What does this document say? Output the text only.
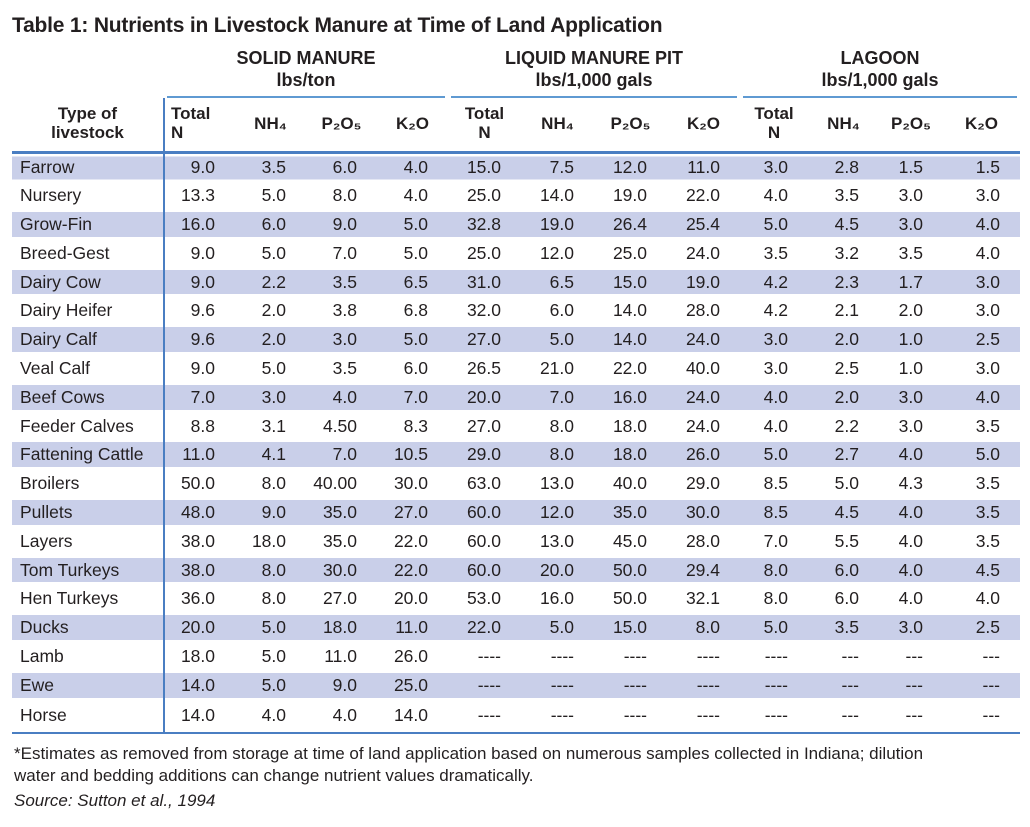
Table 1: Nutrients in Livestock Manure at Time of Land Application

SOLID MANURE
lbs/ton

LIQUID MANURE PIT
lbs/1,000 gals

LAGOON
lbs/1,000 gals

Type of livestock	Total N	NH₄	P₂O₅	K₂O	Total N	NH₄	P₂O₅	K₂O	Total N	NH₄	P₂O₅	K₂O
Farrow	9.0	3.5	6.0	4.0	15.0	7.5	12.0	11.0	3.0	2.8	1.5	1.5
Nursery	13.3	5.0	8.0	4.0	25.0	14.0	19.0	22.0	4.0	3.5	3.0	3.0
Grow-Fin	16.0	6.0	9.0	5.0	32.8	19.0	26.4	25.4	5.0	4.5	3.0	4.0
Breed-Gest	9.0	5.0	7.0	5.0	25.0	12.0	25.0	24.0	3.5	3.2	3.5	4.0
Dairy Cow	9.0	2.2	3.5	6.5	31.0	6.5	15.0	19.0	4.2	2.3	1.7	3.0
Dairy Heifer	9.6	2.0	3.8	6.8	32.0	6.0	14.0	28.0	4.2	2.1	2.0	3.0
Dairy Calf	9.6	2.0	3.0	5.0	27.0	5.0	14.0	24.0	3.0	2.0	1.0	2.5
Veal Calf	9.0	5.0	3.5	6.0	26.5	21.0	22.0	40.0	3.0	2.5	1.0	3.0
Beef Cows	7.0	3.0	4.0	7.0	20.0	7.0	16.0	24.0	4.0	2.0	3.0	4.0
Feeder Calves	8.8	3.1	4.50	8.3	27.0	8.0	18.0	24.0	4.0	2.2	3.0	3.5
Fattening Cattle	11.0	4.1	7.0	10.5	29.0	8.0	18.0	26.0	5.0	2.7	4.0	5.0
Broilers	50.0	8.0	40.00	30.0	63.0	13.0	40.0	29.0	8.5	5.0	4.3	3.5
Pullets	48.0	9.0	35.0	27.0	60.0	12.0	35.0	30.0	8.5	4.5	4.0	3.5
Layers	38.0	18.0	35.0	22.0	60.0	13.0	45.0	28.0	7.0	5.5	4.0	3.5
Tom Turkeys	38.0	8.0	30.0	22.0	60.0	20.0	50.0	29.4	8.0	6.0	4.0	4.5
Hen Turkeys	36.0	8.0	27.0	20.0	53.0	16.0	50.0	32.1	8.0	6.0	4.0	4.0
Ducks	20.0	5.0	18.0	11.0	22.0	5.0	15.0	8.0	5.0	3.5	3.0	2.5
Lamb	18.0	5.0	11.0	26.0	----	----	----	----	----	---	---	---
Ewe	14.0	5.0	9.0	25.0	----	----	----	----	----	---	---	---
Horse	14.0	4.0	4.0	14.0	----	----	----	----	----	---	---	---
*Estimates as removed from storage at time of land application based on numerous samples collected in Indiana; dilution water and bedding additions can change nutrient values dramatically.
Source: Sutton et al., 1994
